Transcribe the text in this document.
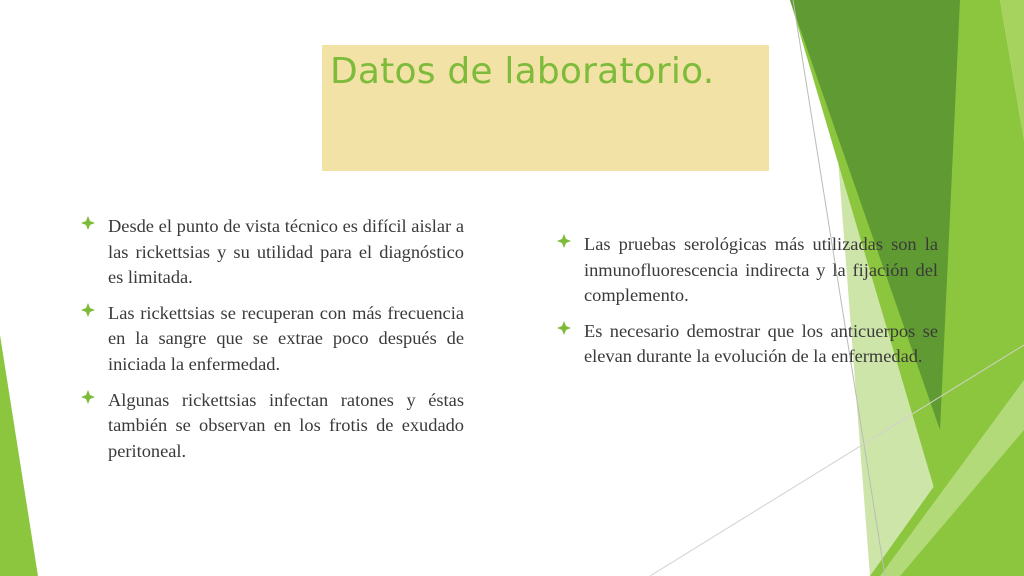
Datos de laboratorio.
Desde el punto de vista técnico es difícil aislar a las rickettsias y su utilidad para el diagnóstico es limitada.
Las rickettsias se recuperan con más frecuencia en la sangre que se extrae poco después de iniciada la enfermedad.
Algunas rickettsias infectan ratones y éstas también se observan en los frotis de exudado peritoneal.
Las pruebas serológicas más utilizadas son la inmunofluorescencia indirecta y la fijación del complemento.
Es necesario demostrar que los anticuerpos se elevan durante la evolución de la enfermedad.
